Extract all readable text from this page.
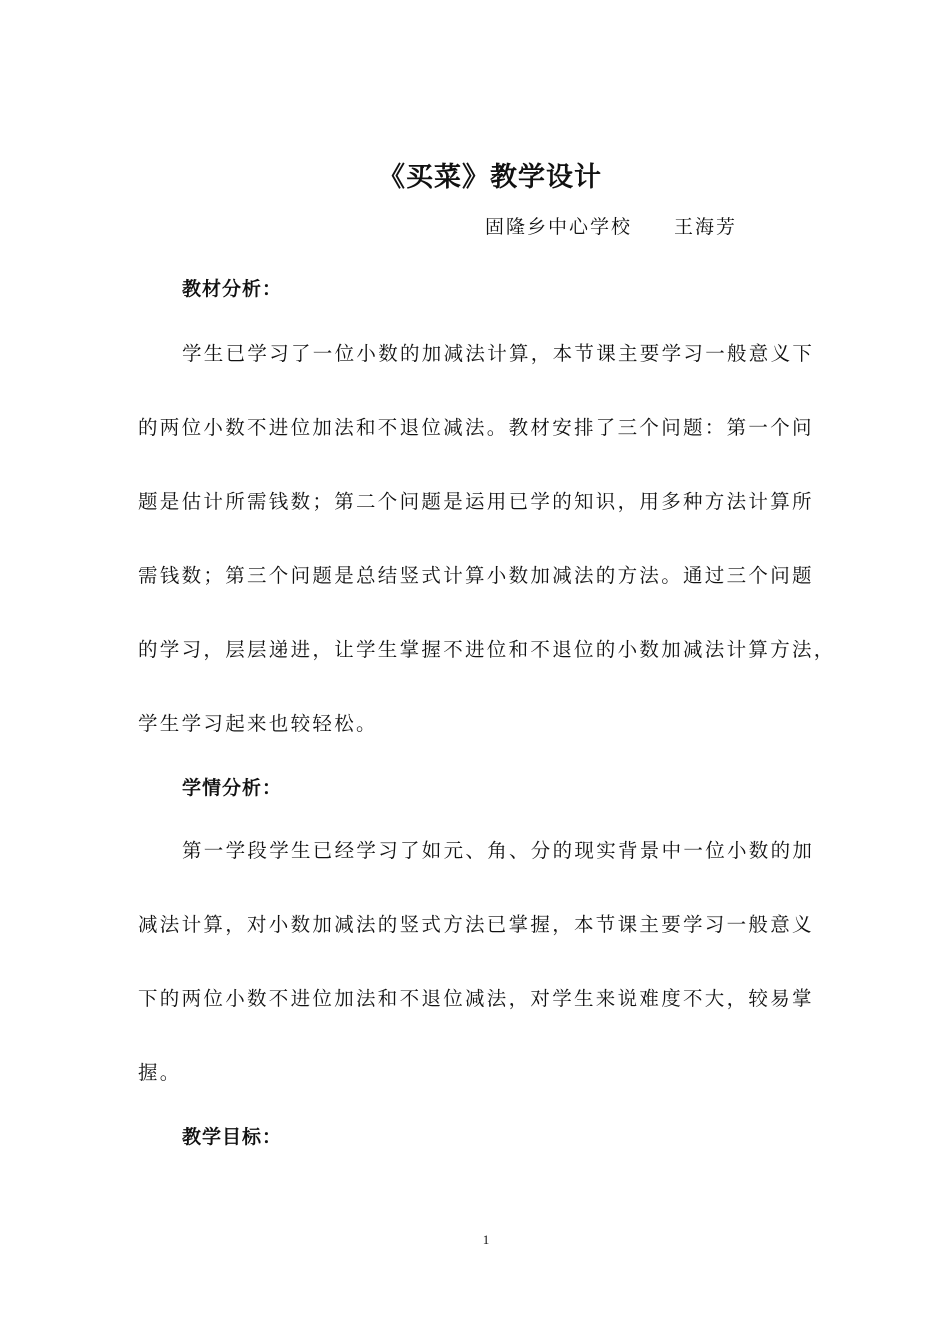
《买菜》教学设计
固隆乡中心学校 王海芳
教材分析：
学生已学习了一位小数的加减法计算，本节课主要学习一般意义下
的两位小数不进位加法和不退位减法。教材安排了三个问题：第一个问
题是估计所需钱数；第二个问题是运用已学的知识，用多种方法计算所
需钱数；第三个问题是总结竖式计算小数加减法的方法。通过三个问题
的学习，层层递进，让学生掌握不进位和不退位的小数加减法计算方法，
学生学习起来也较轻松。
学情分析：
第一学段学生已经学习了如元、角、分的现实背景中一位小数的加
减法计算，对小数加减法的竖式方法已掌握，本节课主要学习一般意义
下的两位小数不进位加法和不退位减法，对学生来说难度不大，较易掌
握。
教学目标：
1
